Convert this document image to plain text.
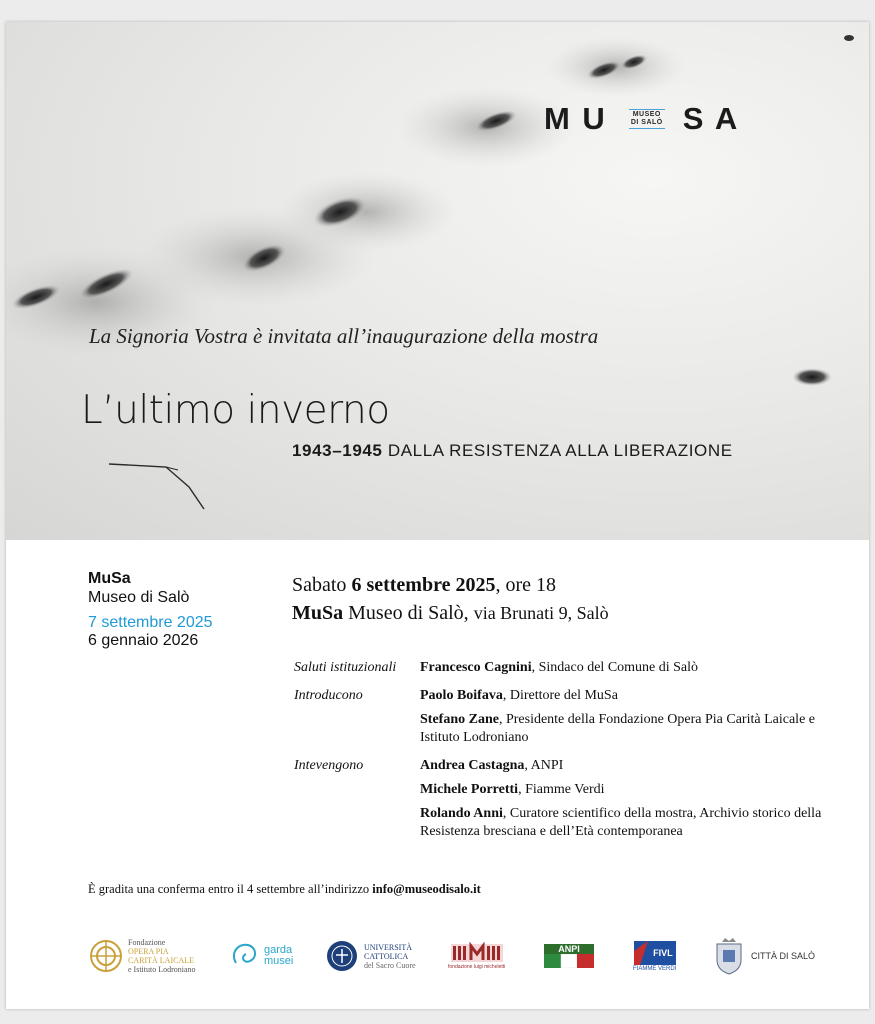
M U	MUSEO
DI SALÒ S A
La Signoria Vostra è invitata all’inaugurazione della mostra
L’ultimo inverno
1943–1945 DALLA RESISTENZA ALLA LIBERAZIONE
MuSa
Museo di Salò
7 settembre 2025
6 gennaio 2026
Sabato 6 settembre 2025, ore 18
MuSa Museo di Salò, via Brunati 9, Salò
Saluti istituzionali	Francesco Cagnini, Sindaco del Comune di Salò
Introducono	Paolo Boifava, Direttore del MuSa
Stefano Zane, Presidente della Fondazione Opera Pia Carità Laicale e Istituto Lodroniano
Intevengono	Andrea Castagna, ANPI
Michele Porretti, Fiamme Verdi
Rolando Anni, Curatore scientifico della mostra, Archivio storico della Resistenza bresciana e dell’Età contemporanea
È gradita una conferma entro il 4 settembre all’indirizzo info@museodisalo.it
Fondazione
OPERA PIA
CARITÀ LAICALE
e Istituto Lodroniano
garda
musei
UNIVERSITÀ
CATTOLICA
del Sacro Cuore	fondazione luigi micheletti
ANPI	FIVL
FIAMME VERDI
CITTÀ DI SALÒ
